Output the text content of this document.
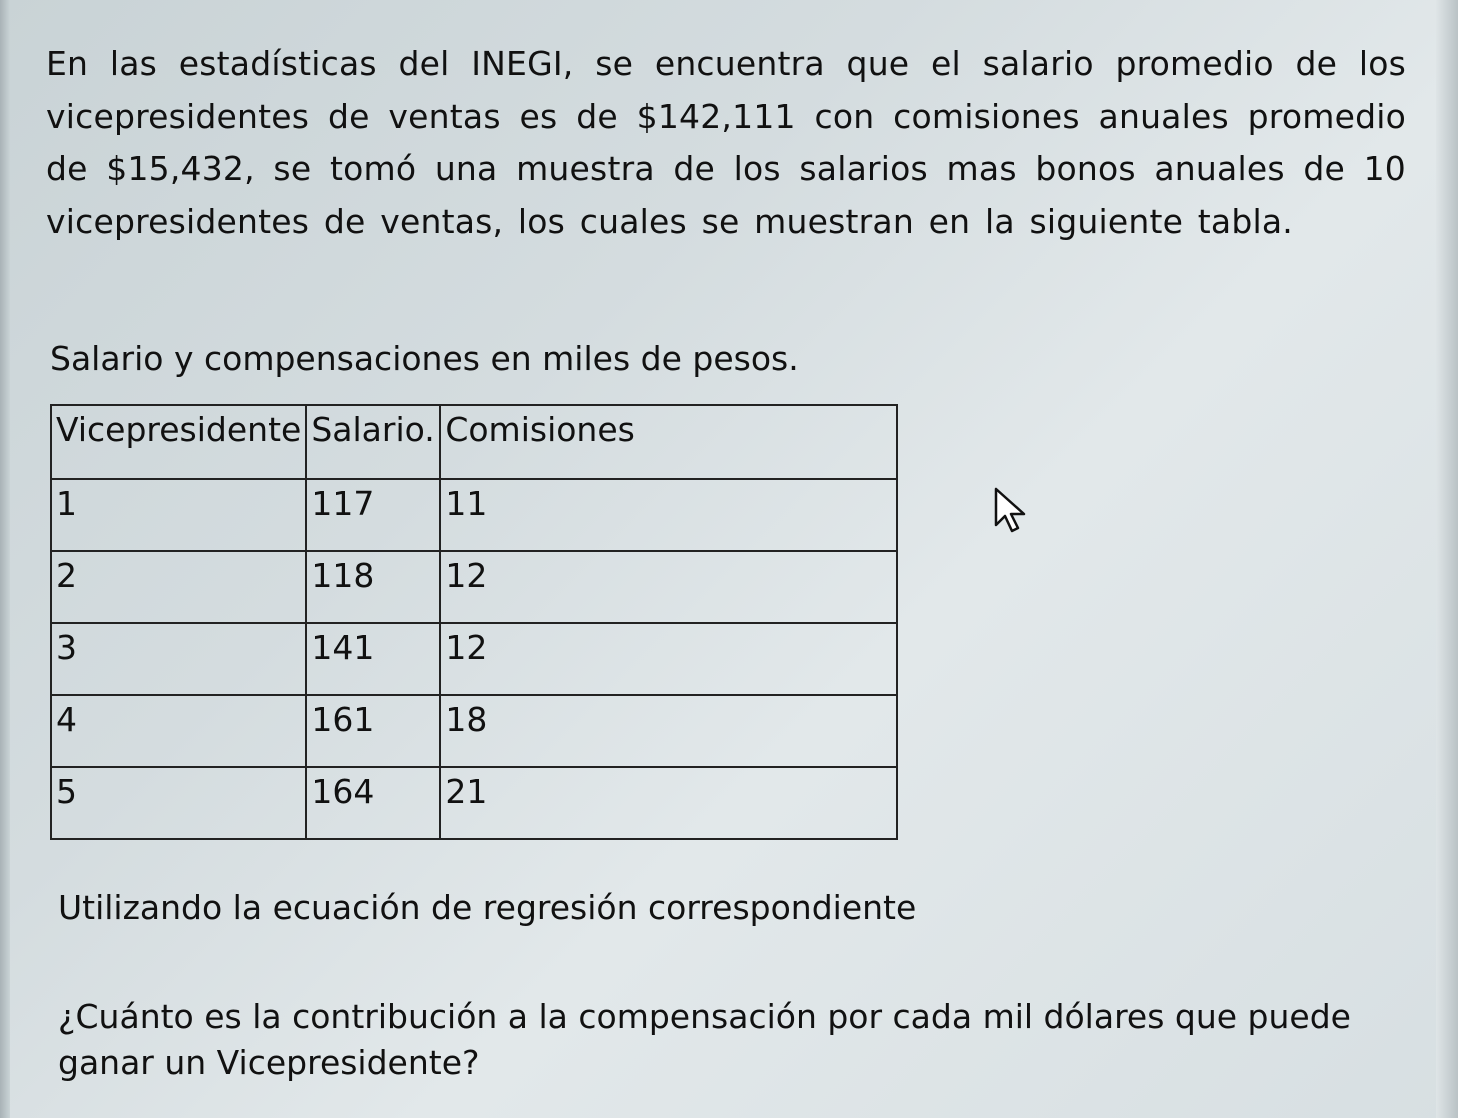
En las estadísticas del INEGI, se encuentra que el salario promedio de los vicepresidentes de ventas es de $142,111 con comisiones anuales promedio de $15,432, se tomó una muestra de los salarios mas bonos anuales de 10 vicepresidentes de ventas, los cuales se muestran en la siguiente tabla.

Salario y compensaciones en miles de pesos.

Vicepresidente	Salario.	Comisiones
1	117	11
2	118	12
3	141	12
4	161	18
5	164	21

Utilizando la ecuación de regresión correspondiente

¿Cuánto es la contribución a la compensación por cada mil dólares que puede ganar un Vicepresidente?
